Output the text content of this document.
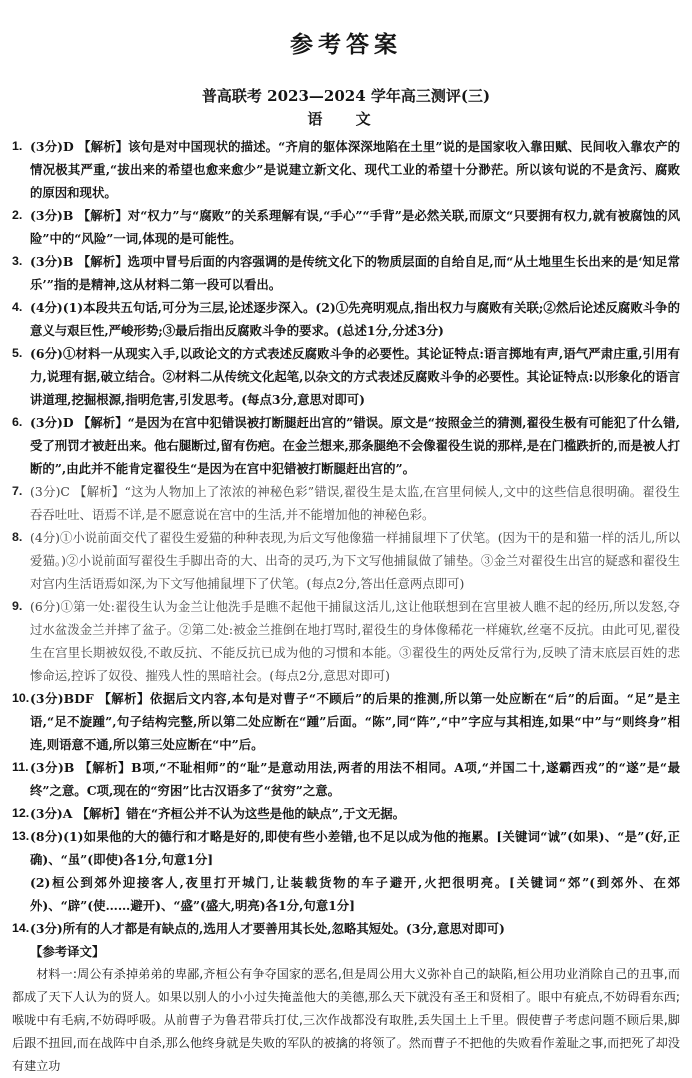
参考答案
普高联考 2023—2024 学年高三测评(三)
语 文
1. (3分)D 【解析】该句是对中国现状的描述。“齐肩的躯体深深地陷在土里”说的是国家收入靠田赋、民间收入靠农产的情况极其严重,“拔出来的希望也愈来愈少”是说建立新文化、现代工业的希望十分渺茫。所以该句说的不是贪污、腐败的原因和现状。
2. (3分)B 【解析】对“权力”与“腐败”的关系理解有误,“手心”“手背”是必然关联,而原文“只要拥有权力,就有被腐蚀的风险”中的“风险”一词,体现的是可能性。
3. (3分)B 【解析】选项中冒号后面的内容强调的是传统文化下的物质层面的自给自足,而“从土地里生长出来的是‘知足常乐’”指的是精神,这从材料二第一段可以看出。
4. (4分)(1)本段共五句话,可分为三层,论述逐步深入。(2)①先亮明观点,指出权力与腐败有关联;②然后论述反腐败斗争的意义与艰巨性,严峻形势;③最后指出反腐败斗争的要求。(总述1分,分述3分)
5. (6分)①材料一从现实入手,以政论文的方式表述反腐败斗争的必要性。其论证特点:语言掷地有声,语气严肃庄重,引用有力,说理有据,破立结合。②材料二从传统文化起笔,以杂文的方式表述反腐败斗争的必要性。其论证特点:以形象化的语言讲道理,挖掘根源,指明危害,引发思考。(每点3分,意思对即可)
6. (3分)D 【解析】“是因为在宫中犯错误被打断腿赶出宫的”错误。原文是“按照金兰的猜测,翟役生极有可能犯了什么错,受了刑罚才被赶出来。他右腿断过,留有伤疤。在金兰想来,那条腿绝不会像翟役生说的那样,是在门槛跌折的,而是被人打断的”,由此并不能肯定翟役生“是因为在宫中犯错被打断腿赶出宫的”。
7. (3分)C 【解析】“这为人物加上了浓浓的神秘色彩”错误,翟役生是太监,在宫里伺候人,文中的这些信息很明确。翟役生吞吞吐吐、语焉不详,是不愿意说在宫中的生活,并不能增加他的神秘色彩。
8. (4分)①小说前面交代了翟役生爱猫的种种表现,为后文写他像猫一样捕鼠埋下了伏笔。(因为干的是和猫一样的活儿,所以爱猫。)②小说前面写翟役生手脚出奇的大、出奇的灵巧,为下文写他捕鼠做了铺垫。③金兰对翟役生出宫的疑惑和翟役生对宫内生活语焉如深,为下文写他捕鼠埋下了伏笔。(每点2分,答出任意两点即可)
9. (6分)①第一处:翟役生认为金兰让他洗手是瞧不起他干捕鼠这活儿,这让他联想到在宫里被人瞧不起的经历,所以发怒,夺过水盆泼金兰并摔了盆子。②第二处:被金兰推倒在地打骂时,翟役生的身体像稀花一样瘫软,丝毫不反抗。由此可见,翟役生在宫里长期被奴役,不敢反抗、不能反抗已成为他的习惯和本能。③翟役生的两处反常行为,反映了清末底层百姓的悲惨命运,控诉了奴役、摧残人性的黑暗社会。(每点2分,意思对即可)
10. (3分)BDF 【解析】依据后文内容,本句是对曹子“不顾后”的后果的推测,所以第一处应断在“后”的后面。“足”是主语,“足不旋踵”,句子结构完整,所以第二处应断在“踵”后面。“陈”,同“阵”,“中”字应与其相连,如果“中”与“则终身”相连,则语意不通,所以第三处应断在“中”后。
11. (3分)B 【解析】B项,“不耻相师”的“耻”是意动用法,两者的用法不相同。A项,“并国二十,遂霸西戎”的“遂”是“最终”之意。C项,现在的“穷困”比古汉语多了“贫穷”之意。
12. (3分)A 【解析】错在“齐桓公并不认为这些是他的缺点”,于文无据。
13. (8分)(1)如果他的大的德行和才略是好的,即使有些小差错,也不足以成为他的拖累。[关键词“诚”(如果)、“是”(好,正确)、“虽”(即使)各1分,句意1分]
(2)桓公到郊外迎接客人,夜里打开城门,让装载货物的车子避开,火把很明亮。[关键词“郊”(到郊外、在郊外)、“辟”(使……避开)、“盛”(盛大,明亮)各1分,句意1分]
14. (3分)所有的人才都是有缺点的,选用人才要善用其长处,忽略其短处。(3分,意思对即可)
【参考译文】
材料一:周公有杀掉弟弟的卑鄙,齐桓公有争夺国家的恶名,但是周公用大义弥补自己的缺陷,桓公用功业消除自己的丑事,而都成了天下人认为的贤人。如果以别人的小小过失掩盖他大的美德,那么天下就没有圣王和贤相了。眼中有疵点,不妨碍看东西;喉咙中有毛病,不妨碍呼吸。从前曹子为鲁君带兵打仗,三次作战都没有取胜,丢失国土上千里。假使曹子考虑问题不顾后果,脚后跟不扭回,而在战阵中自杀,那么他终身就是失败的军队的被擒的将领了。然而曹子不把他的失败看作羞耻之事,而把死了却没有建立功
